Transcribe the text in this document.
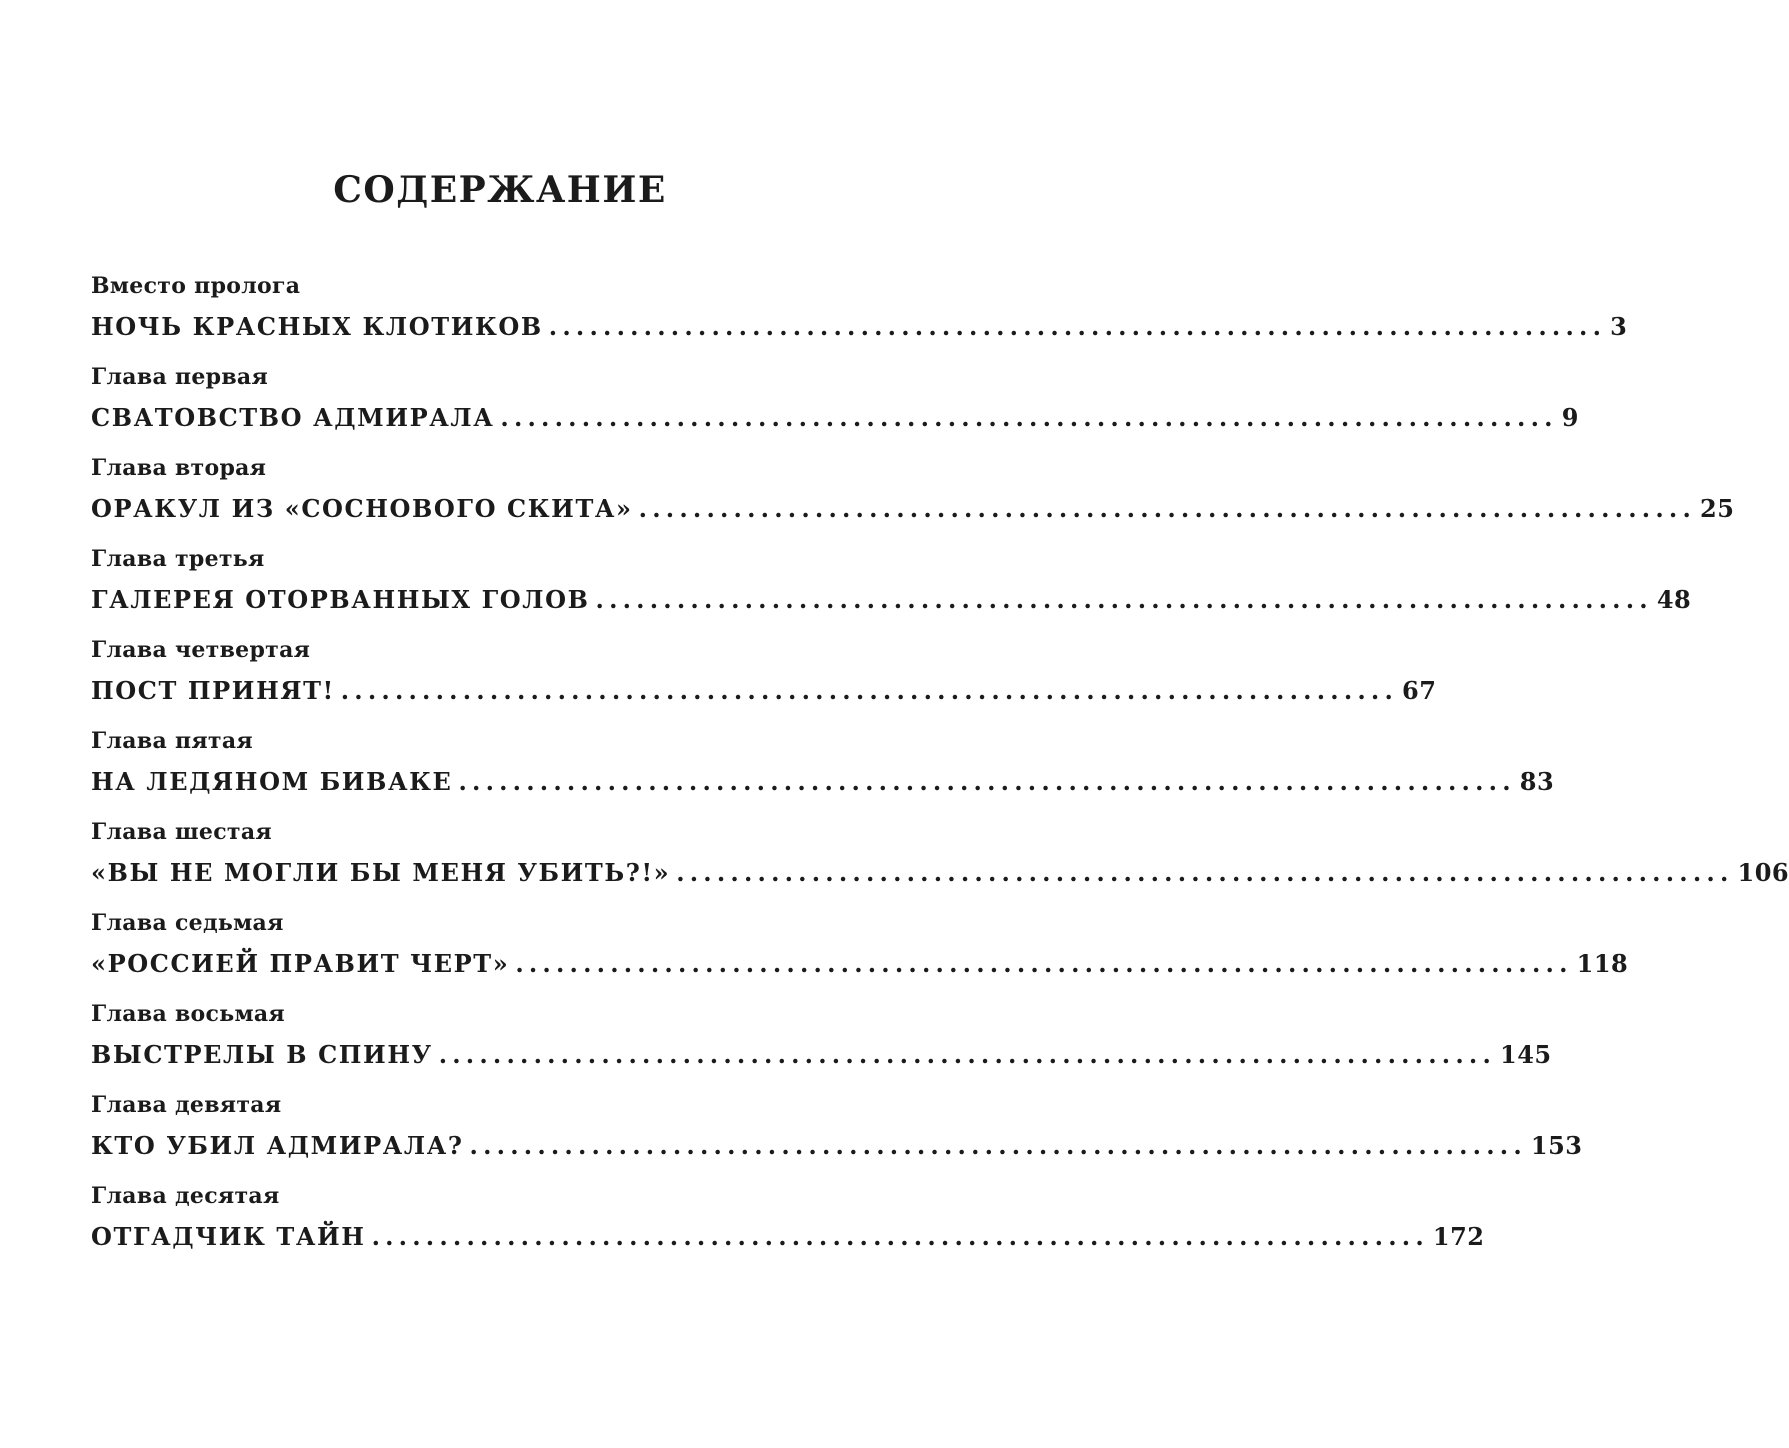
СОДЕРЖАНИЕ
Вместо пролога
НОЧЬ КРАСНЫХ КЛОТИКОВ .............................................................................. 3
Глава первая
СВАТОВСТВО АДМИРАЛА .............................................................................. 9
Глава вторая
ОРАКУЛ ИЗ «СОСНОВОГО СКИТА» .............................................................................. 25
Глава третья
ГАЛЕРЕЯ ОТОРВАННЫХ ГОЛОВ .............................................................................. 48
Глава четвертая
ПОСТ ПРИНЯТ! .............................................................................. 67
Глава пятая
НА ЛЕДЯНОМ БИВАКЕ .............................................................................. 83
Глава шестая
«ВЫ НЕ МОГЛИ БЫ МЕНЯ УБИТЬ?!» .............................................................................. 106
Глава седьмая
«РОССИЕЙ ПРАВИТ ЧЕРТ» .............................................................................. 118
Глава восьмая
ВЫСТРЕЛЫ В СПИНУ .............................................................................. 145
Глава девятая
КТО УБИЛ АДМИРАЛА? .............................................................................. 153
Глава десятая
ОТГАДЧИК ТАЙН .............................................................................. 172
